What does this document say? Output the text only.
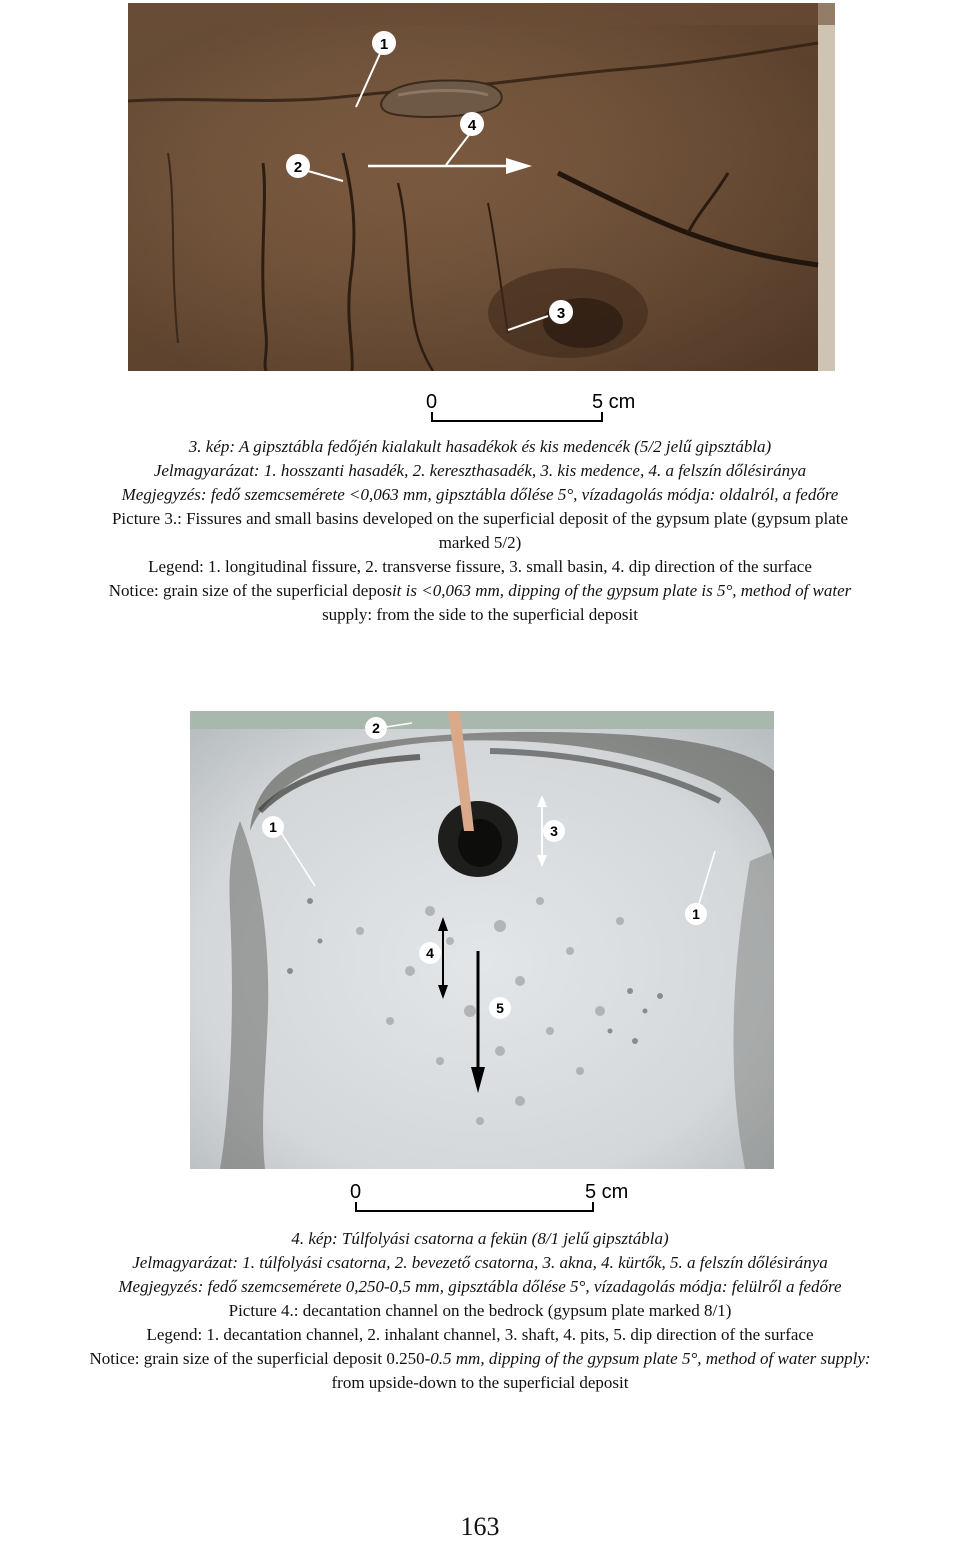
1
2
3
4
0	5 cm
3. kép: A gipsztábla fedőjén kialakult hasadékok és kis medencék (5/2 jelű gipsztábla)
Jelmagyarázat: 1. hosszanti hasadék, 2. kereszthasadék, 3. kis medence, 4. a felszín dőlésiránya
Megjegyzés: fedő szemcsemérete <0,063 mm, gipsztábla dőlése 5°, vízadagolás módja: oldalról, a fedőre
Picture 3.: Fissures and small basins developed on the superficial deposit of the gypsum plate (gypsum plate
marked 5/2)
Legend: 1. longitudinal fissure, 2. transverse fissure, 3. small basin, 4. dip direction of the surface
Notice: grain size of the superficial deposit is <0,063 mm, dipping of the gypsum plate is 5°, method of water
supply: from the side to the superficial deposit
1
2
3
4
5
1
0	5 cm
4. kép: Túlfolyási csatorna a fekün (8/1 jelű gipsztábla)
Jelmagyarázat: 1. túlfolyási csatorna, 2. bevezető csatorna, 3. akna, 4. kürtők, 5. a felszín dőlésiránya
Megjegyzés: fedő szemcsemérete 0,250-0,5 mm, gipsztábla dőlése 5°, vízadagolás módja: felülről a fedőre
Picture 4.: decantation channel on the bedrock (gypsum plate marked 8/1)
Legend: 1. decantation channel, 2. inhalant channel, 3. shaft, 4. pits, 5. dip direction of the surface
Notice: grain size of the superficial deposit 0.250-0.5 mm, dipping of the gypsum plate 5°, method of water supply:
from upside-down to the superficial deposit
163
